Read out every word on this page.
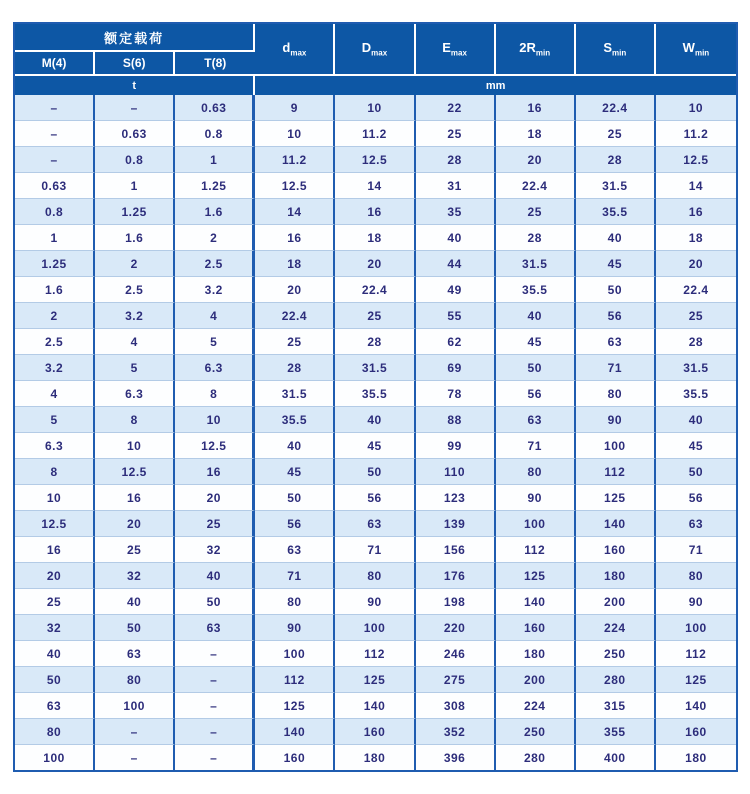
额定载荷			$d_{max}$	$D_{max}$	$E_{max}$	$2R_{min}$	$S_{min}$	$W_{min}$
M(4)	S(6)	T(8)						
t			mm					
–	–	0.63	9	10	22	16	22.4	10
–	0.63	0.8	10	11.2	25	18	25	11.2
–	0.8	1	11.2	12.5	28	20	28	12.5
0.63	1	1.25	12.5	14	31	22.4	31.5	14
0.8	1.25	1.6	14	16	35	25	35.5	16
1	1.6	2	16	18	40	28	40	18
1.25	2	2.5	18	20	44	31.5	45	20
1.6	2.5	3.2	20	22.4	49	35.5	50	22.4
2	3.2	4	22.4	25	55	40	56	25
2.5	4	5	25	28	62	45	63	28
3.2	5	6.3	28	31.5	69	50	71	31.5
4	6.3	8	31.5	35.5	78	56	80	35.5
5	8	10	35.5	40	88	63	90	40
6.3	10	12.5	40	45	99	71	100	45
8	12.5	16	45	50	110	80	112	50
10	16	20	50	56	123	90	125	56
12.5	20	25	56	63	139	100	140	63
16	25	32	63	71	156	112	160	71
20	32	40	71	80	176	125	180	80
25	40	50	80	90	198	140	200	90
32	50	63	90	100	220	160	224	100
40	63	–	100	112	246	180	250	112
50	80	–	112	125	275	200	280	125
63	100	–	125	140	308	224	315	140
80	–	–	140	160	352	250	355	160
100	–	–	160	180	396	280	400	180
